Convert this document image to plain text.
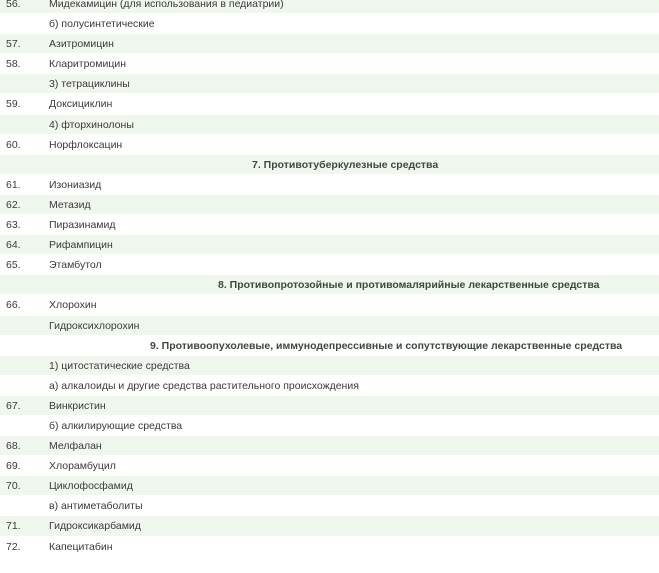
56.	Мидекамицин (для использования в педиатрии)
б) полусинтетические
57.	Азитромицин
58.	Кларитромицин
3) тетрациклины
59.	Доксициклин
4) фторхинолоны
60.	Норфлоксацин
7. Противотуберкулезные средства
61.	Изониазид
62.	Метазид
63.	Пиразинамид
64.	Рифампицин
65.	Этамбутол
8. Противопротозойные и противомалярийные лекарственные средства
66.	Хлорохин
Гидроксихлорохин
9. Противоопухолевые, иммунодепрессивные и сопутствующие лекарственные средства
1) цитостатические средства
а) алкалоиды и другие средства растительного происхождения
67.	Винкристин
б) алкилирующие средства
68.	Мелфалан
69.	Хлорамбуцил
70.	Циклофосфамид
в) антиметаболиты
71.	Гидроксикарбамид
72.	Капецитабин
